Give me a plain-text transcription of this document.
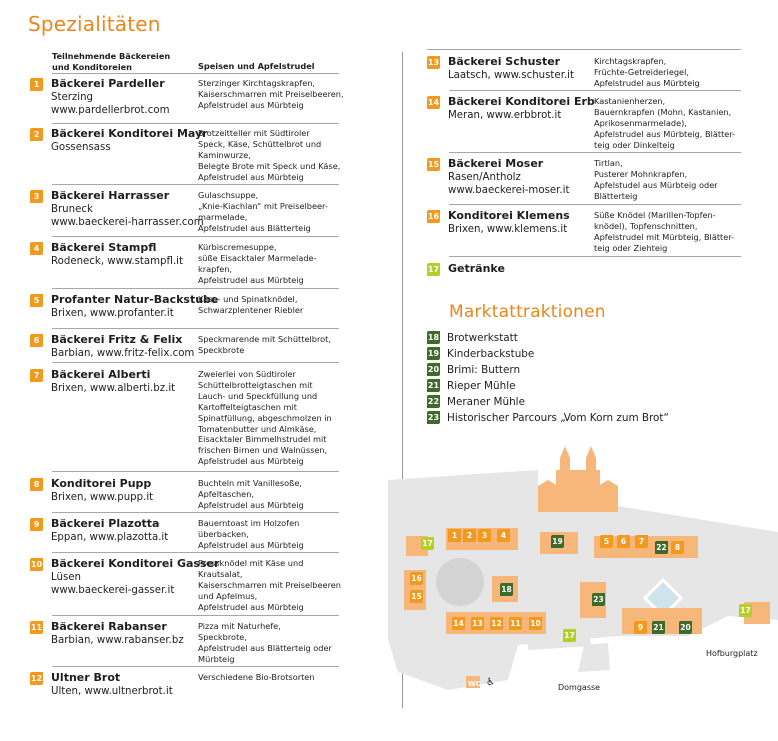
Spezialitäten
Teilnehmende Bäckereien
und Konditoreien	Speisen und Apfelstrudel
17 Getränke
Marktattraktionen
18 Brotwerkstatt
19 Kinderbackstube
20 Brimi: Buttern
21 Rieper Mühle
22 Meraner Mühle
23 Historischer Parcours „Vom Korn zum Brot“
1	2	3	4
5	6	7
8
9
10
11
12
13
14
15
16
17
17
17
18
19
20
21
22
23
WC ♿	Domgasse
Hofburgplatz
1	Bäckerei Pardeller
Sterzing
www.pardellerbrot.com
Sterzinger Kirchtagskrapfen,
Kaiserschmarren mit Preiselbeeren,
Apfelstrudel aus Mürbteig
2	Bäckerei Konditorei Mayr
Gossensass
Brotzeitteller mit Südtiroler
Speck, Käse, Schüttelbrot und
Kaminwurze,
Belegte Brote mit Speck und Käse,
Apfelstrudel aus Mürbteig
3	Bäckerei Harrasser
Bruneck
www.baeckerei-harrasser.com
Gulaschsuppe,
„Knie-Kiachlan“ mit Preiselbeer-
marmelade,
Apfelstrudel aus Blätterteig
4	Bäckerei Stampfl
Rodeneck, www.stampfl.it
Kürbiscremesuppe,
süße Eisacktaler Marmelade-
krapfen,
Apfelstrudel aus Mürbteig
5	Profanter Natur-Backstube
Brixen, www.profanter.it
Käse- und Spinatknödel,
Schwarzplentener Riebler
6	Bäckerei Fritz & Felix
Barbian, www.fritz-felix.com
Speckmarende mit Schüttelbrot,
Speckbrote
7	Bäckerei Alberti
Brixen, www.alberti.bz.it
Zweierlei von Südtiroler
Schüttelbrotteigtaschen mit
Lauch- und Speckfüllung und
Kartoffelteigtaschen mit
Spinatfüllung, abgeschmolzen in
Tomatenbutter und Almkäse,
Eisacktaler Bimmelhstrudel mit
frischen Birnen und Walnüssen,
Apfelstrudel aus Mürbteig
8	Konditorei Pupp
Brixen, www.pupp.it
Buchteln mit Vanillesoße,
Apfeltaschen,
Apfelstrudel aus Mürbteig
9	Bäckerei Plazotta
Eppan, www.plazotta.it
Bauerntoast im Holzofen
überbacken,
Apfelstrudel aus Mürbteig
10 Bäckerei Konditorei Gasser
Lüsen
www.baeckerei-gasser.it
Pressknödel mit Käse und
Krautsalat,
Kaiserschmarren mit Preiselbeeren
und Apfelmus,
Apfelstrudel aus Mürbteig
11 Bäckerei Rabanser
Barbian, www.rabanser.bz
Pizza mit Naturhefe,
Speckbrote,
Apfelstrudel aus Blätterteig oder
Mürbteig
12 Ultner Brot
Ulten, www.ultnerbrot.it
Verschiedene Bio-Brotsorten
13 Bäckerei Schuster
Laatsch, www.schuster.it
Kirchtagskrapfen,
Früchte-Getreideriegel,
Apfelstrudel aus Mürbteig
14 Bäckerei Konditorei Erb
Meran, www.erbbrot.it
Kastanienherzen,
Bauernkrapfen (Mohn, Kastanien,
Aprikosenmarmelade),
Apfelstrudel aus Mürbteig, Blätter-
teig oder Dinkelteig
15 Bäckerei Moser
Rasen/Antholz
www.baeckerei-moser.it
Tirtlan,
Pusterer Mohnkrapfen,
Apfelstudel aus Mürbteig oder
Blätterteig
16 Konditorei Klemens
Brixen, www.klemens.it
Süße Knödel (Marillen-Topfen-
knödel), Topfenschnitten,
Apfelstrudel mit Mürbteig, Blätter-
teig oder Ziehteig
